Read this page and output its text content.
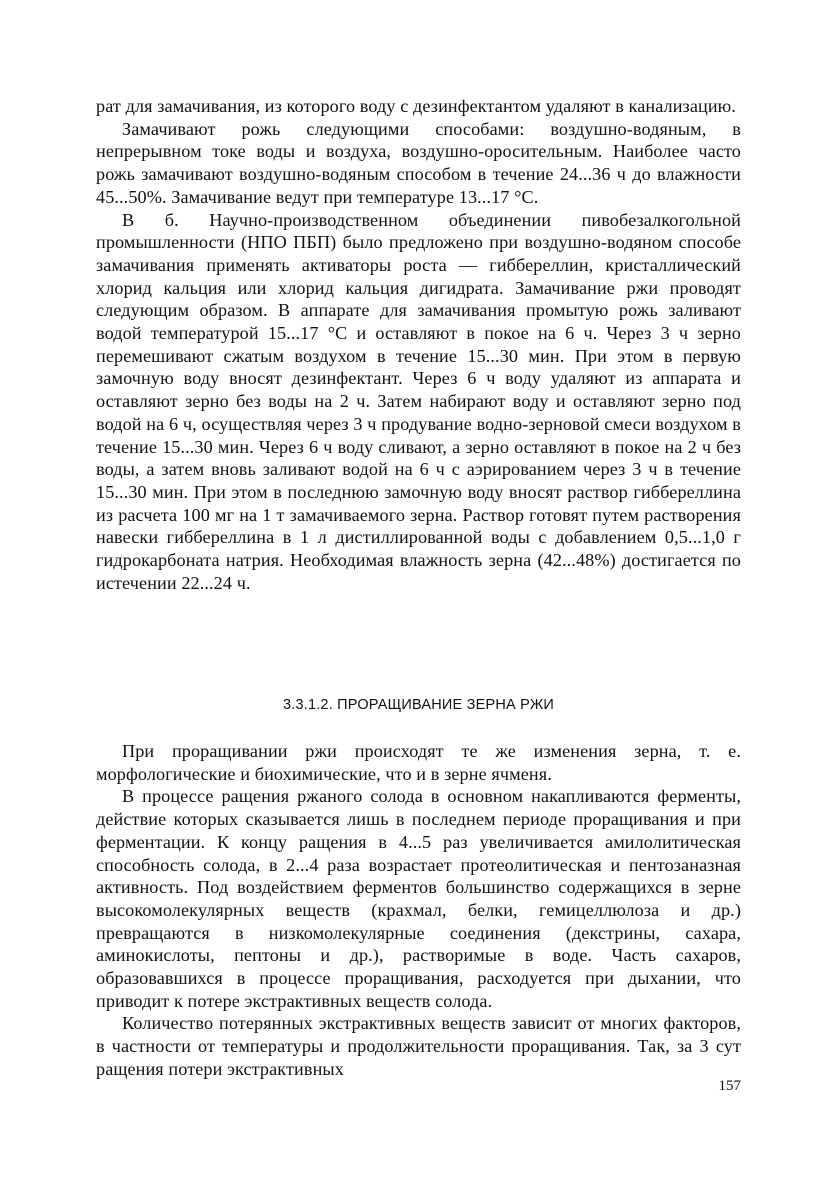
рат для замачивания, из которого воду с дезинфектантом удаляют в канализацию.

Замачивают рожь следующими способами: воздушно-водяным, в непрерывном токе воды и воздуха, воздушно-оросительным. Наиболее часто рожь замачивают воздушно-водяным способом в течение 24...36 ч до влажности 45...50%. Замачивание ведут при температуре 13...17 °С.

В б. Научно-производственном объединении пивобезалкогольной промышленности (НПО ПБП) было предложено при воздушно-водяном способе замачивания применять активаторы роста — гиббереллин, кристаллический хлорид кальция или хлорид кальция дигидрата. Замачивание ржи проводят следующим образом. В аппарате для замачивания промытую рожь заливают водой температурой 15...17 °С и оставляют в покое на 6 ч. Через 3 ч зерно перемешивают сжатым воздухом в течение 15...30 мин. При этом в первую замочную воду вносят дезинфектант. Через 6 ч воду удаляют из аппарата и оставляют зерно без воды на 2 ч. Затем набирают воду и оставляют зерно под водой на 6 ч, осуществляя через 3 ч продувание водно-зерновой смеси воздухом в течение 15...30 мин. Через 6 ч воду сливают, а зерно оставляют в покое на 2 ч без воды, а затем вновь заливают водой на 6 ч с аэрированием через 3 ч в течение 15...30 мин. При этом в последнюю замочную воду вносят раствор гиббереллина из расчета 100 мг на 1 т замачиваемого зерна. Раствор готовят путем растворения навески гиббереллина в 1 л дистиллированной воды с добавлением 0,5...1,0 г гидрокарбоната натрия. Необходимая влажность зерна (42...48%) достигается по истечении 22...24 ч.

3.3.1.2. ПРОРАЩИВАНИЕ ЗЕРНА РЖИ

При проращивании ржи происходят те же изменения зерна, т. е. морфологические и биохимические, что и в зерне ячменя.

В процессе ращения ржаного солода в основном накапливаются ферменты, действие которых сказывается лишь в последнем периоде проращивания и при ферментации. К концу ращения в 4...5 раз увеличивается амилолитическая способность солода, в 2...4 раза возрастает протеолитическая и пентозаназная активность. Под воздействием ферментов большинство содержащихся в зерне высокомолекулярных веществ (крахмал, белки, гемицеллюлоза и др.) превращаются в низкомолекулярные соединения (декстрины, сахара, аминокислоты, пептоны и др.), растворимые в воде. Часть сахаров, образовавшихся в процессе проращивания, расходуется при дыхании, что приводит к потере экстрактивных веществ солода.

Количество потерянных экстрактивных веществ зависит от многих факторов, в частности от температуры и продолжительности проращивания. Так, за 3 сут ращения потери экстрактивных

157
